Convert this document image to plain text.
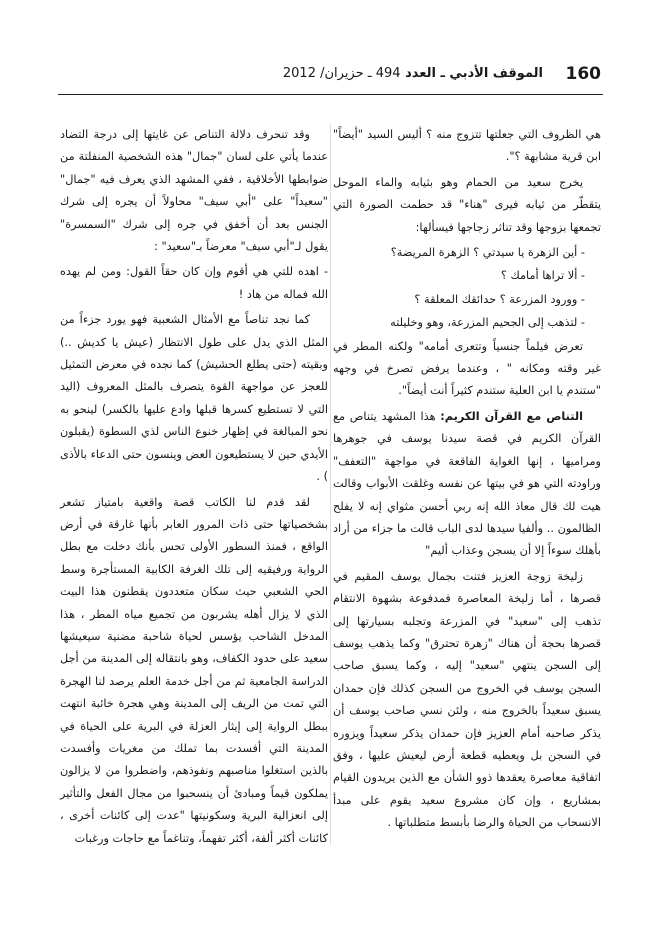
160
الموقف الأدبي ـ العدد 494 ـ حزيران/ 2012

هي الظروف التي جعلتها تتزوج منه ؟ أليس السيد "أيضاً" ابن قرية مشابهة ؟".

يخرج سعيد من الحمام وهو بثيابه والماء الموحل يتقطّر من ثيابه فيرى "هناء" قد حطمت الصورة التي تجمعها بزوجها وقد تناثر زجاجها فيسألها:

- أين الزهرة يا سيدتي ؟ الزهرة المريضة؟
- ألا تراها أمامك ؟
- وورود المزرعة ؟ حدائقك المعلقة ؟
- لتذهب إلى الجحيم المزرعة، وهو وخليلته

تعرض فيلماً جنسياً وتتعرى أمامه" ولكنه المطر في غير وقته ومكانه " ، وعندما يرفض تصرخ في وجهه "ستندم يا ابن العلية ستندم كثيراً أنت أيضاً".

التناص مع القرآن الكريم: هذا المشهد يتناص مع القرآن الكريم في قصة سيدنا يوسف في جوهرها ومراميها ، إنها الغواية الفاقعة في مواجهة "التعفف" وراودته التي هو في بيتها عن نفسه وغلقت الأبواب وقالت هيت لك قال معاذ الله إنه ربي أحسن مثواي إنه لا يفلح الظالمون .. وألفيا سيدها لدى الباب قالت ما جزاء من أراد بأهلك سوءاً إلا أن يسجن وعذاب أليم"

زليخة زوجة العزيز فتنت بجمال يوسف المقيم في قصرها ، أما زليخة المعاصرة فمدفوعة بشهوة الانتقام تذهب إلى "سعيد" في المزرعة وتجلبه بسيارتها إلى قصرها بحجة أن هناك "زهرة تحترق" وكما يذهب يوسف إلى السجن ينتهي "سعيد" إليه ، وكما يسبق صاحب السجن يوسف في الخروج من السجن كذلك فإن حمدان يسبق سعيداً بالخروج منه ، ولئن نسي صاحب يوسف أن يذكر صاحبه أمام العزيز فإن حمدان يذكر سعيداً ويزوره في السجن بل ويعطيه قطعة أرض ليعيش عليها ، وفق اتفاقية معاصرة يعقدها ذوو الشأن مع الذين يريدون القيام بمشاريع ، وإن كان مشروع سعيد يقوم على مبدأ الانسحاب من الحياة والرضا بأبسط متطلباتها .

وقد تنحرف دلالة التناص عن غايتها إلى درجة التضاد عندما يأتي على لسان "جمال" هذه الشخصية المنفلتة من ضوابطها الأخلاقية ، ففي المشهد الذي يعرف فيه "جمال" "سعيداً" على "أبي سيف" محاولاً أن يجره إلى شرك الجنس بعد أن أخفق في جره إلى شرك "السمسرة" يقول لـ"أبي سيف" معرضاً بـ"سعيد" :

- اهده للتي هي أقوم وإن كان حقاً القول: ومن لم يهده الله فماله من هاد !

كما نجد تناصاً مع الأمثال الشعبية فهو يورد جزءاً من المثل الذي يدل على طول الانتظار (عيش يا كديش ..) وبقيته (حتى يطلع الحشيش) كما نجده في معرض التمثيل للعجز عن مواجهة القوة يتصرف بالمثل المعروف (اليد التي لا تستطيع كسرها قبلها وادع عليها بالكسر) لينحو به نحو المبالغة في إظهار خنوع الناس لذي السطوة (يقبلون الأيدي حين لا يستطيعون العض وينسون حتى الدعاء بالأذى ) .

لقد قدم لنا الكاتب قصة واقعية بامتياز تشعر بشخصياتها حتى ذات المرور العابر بأنها غارقة في أرض الواقع ، فمنذ السطور الأولى تحس بأنك دخلت مع بطل الرواية ورفيقيه إلى تلك الغرفة الكابية المستأجرة وسط الحي الشعبي حيث سكان متعددون يقطنون هذا البيت الذي لا يزال أهله يشربون من تجميع مياه المطر ، هذا المدخل الشاحب يؤسس لحياة شاحبة مضنية سيعيشها سعيد على حدود الكفاف، وهو بانتقاله إلى المدينة من أجل الدراسة الجامعية ثم من أجل خدمة العلم يرصد لنا الهجرة التي تمت من الريف إلى المدينة وهي هجرة خائبة انتهت ببطل الرواية إلى إيثار العزلة في البرية على الحياة في المدينة التي أفسدت بما تملك من مغريات وأفسدت بالذين استغلوا مناصبهم ونفوذهم، واضطروا من لا يزالون يملكون قيماً ومبادئ أن ينسحبوا من مجال الفعل والتأثير إلى انعزالية البرية وسكونيتها "عدت إلى كائنات أخرى ، كائنات أكثر ألفة، أكثر تفهماً، وتناغماً مع حاجات ورغبات
